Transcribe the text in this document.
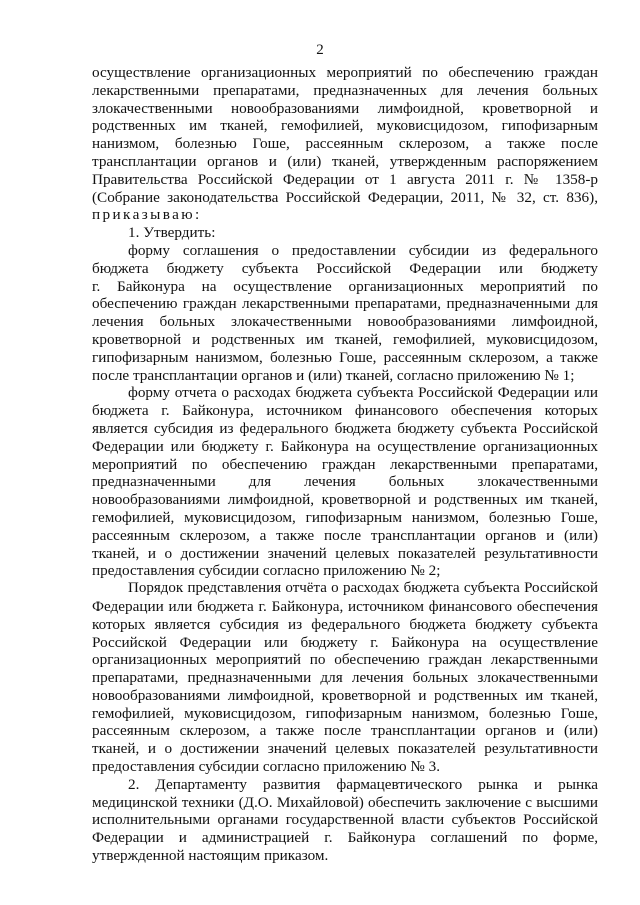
2
осуществление организационных мероприятий по обеспечению граждан
лекарственными препаратами, предназначенных для лечения больных
злокачественными новообразованиями лимфоидной, кроветворной и
родственных им тканей, гемофилией, муковисцидозом, гипофизарным
нанизмом, болезнью Гоше, рассеянным склерозом, а также после
трансплантации органов и (или) тканей, утвержденным распоряжением
Правительства Российской Федерации от 1 августа 2011 г. № 1358-р
(Собрание законодательства Российской Федерации, 2011, № 32, ст. 836),
приказываю:
1. Утвердить:
форму соглашения о предоставлении субсидии из федерального
бюджета бюджету субъекта Российской Федерации или бюджету
г. Байконура на осуществление организационных мероприятий по
обеспечению граждан лекарственными препаратами, предназначенными для
лечения больных злокачественными новообразованиями лимфоидной,
кроветворной и родственных им тканей, гемофилией, муковисцидозом,
гипофизарным нанизмом, болезнью Гоше, рассеянным склерозом, а также
после трансплантации органов и (или) тканей, согласно приложению № 1;
форму отчета о расходах бюджета субъекта Российской Федерации или
бюджета г. Байконура, источником финансового обеспечения которых
является субсидия из федерального бюджета бюджету субъекта Российской
Федерации или бюджету г. Байконура на осуществление организационных
мероприятий по обеспечению граждан лекарственными препаратами,
предназначенными для лечения больных злокачественными
новообразованиями лимфоидной, кроветворной и родственных им тканей,
гемофилией, муковисцидозом, гипофизарным нанизмом, болезнью Гоше,
рассеянным склерозом, а также после трансплантации органов и (или)
тканей, и о достижении значений целевых показателей результативности
предоставления субсидии согласно приложению № 2;
Порядок представления отчёта о расходах бюджета субъекта Российской
Федерации или бюджета г. Байконура, источником финансового обеспечения
которых является субсидия из федерального бюджета бюджету субъекта
Российской Федерации или бюджету г. Байконура на осуществление
организационных мероприятий по обеспечению граждан лекарственными
препаратами, предназначенными для лечения больных злокачественными
новообразованиями лимфоидной, кроветворной и родственных им тканей,
гемофилией, муковисцидозом, гипофизарным нанизмом, болезнью Гоше,
рассеянным склерозом, а также после трансплантации органов и (или)
тканей, и о достижении значений целевых показателей результативности
предоставления субсидии согласно приложению № 3.
2. Департаменту развития фармацевтического рынка и рынка
медицинской техники (Д.О. Михайловой) обеспечить заключение с высшими
исполнительными органами государственной власти субъектов Российской
Федерации и администрацией г. Байконура соглашений по форме,
утвержденной настоящим приказом.
